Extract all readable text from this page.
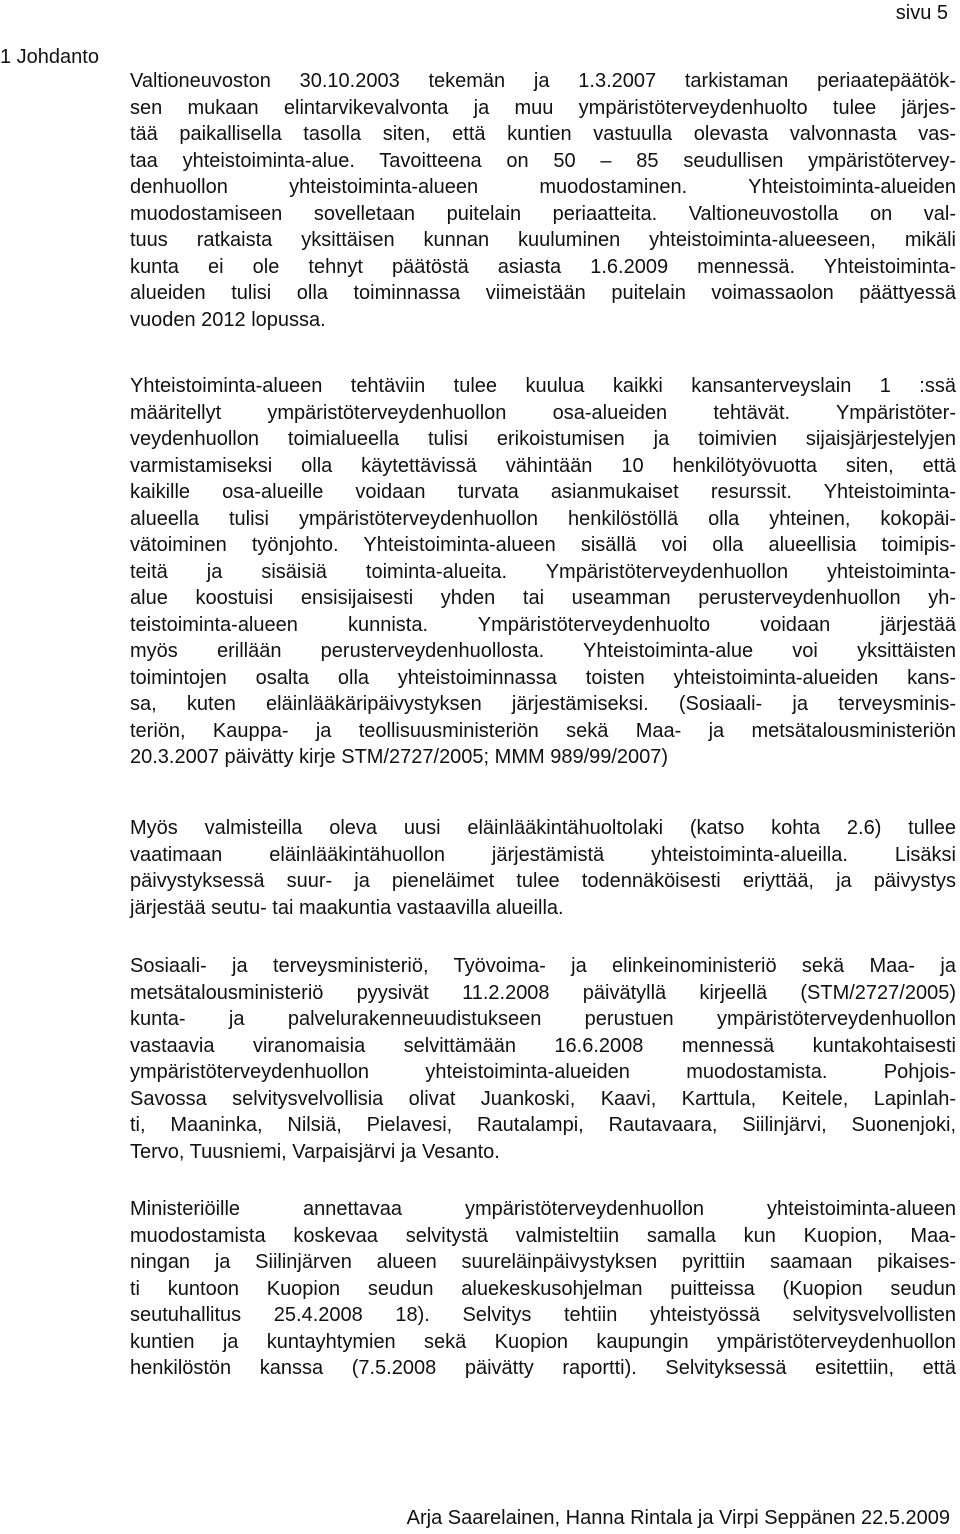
sivu 5
1 Johdanto
Valtioneuvoston 30.10.2003 tekemän ja 1.3.2007 tarkistaman periaatepäätök-
sen mukaan elintarvikevalvonta ja muu ympäristöterveydenhuolto tulee järjes-
tää paikallisella tasolla siten, että kuntien vastuulla olevasta valvonnasta vas-
taa yhteistoiminta-alue. Tavoitteena on 50 – 85 seudullisen ympäristötervey-
denhuollon yhteistoiminta-alueen muodostaminen. Yhteistoiminta-alueiden
muodostamiseen sovelletaan puitelain periaatteita. Valtioneuvostolla on val-
tuus ratkaista yksittäisen kunnan kuuluminen yhteistoiminta-alueeseen, mikäli
kunta ei ole tehnyt päätöstä asiasta 1.6.2009 mennessä. Yhteistoiminta-
alueiden tulisi olla toiminnassa viimeistään puitelain voimassaolon päättyessä
vuoden 2012 lopussa.
Yhteistoiminta-alueen tehtäviin tulee kuulua kaikki kansanterveyslain 1 :ssä
määritellyt ympäristöterveydenhuollon osa-alueiden tehtävät. Ympäristöter-
veydenhuollon toimialueella tulisi erikoistumisen ja toimivien sijaisjärjestelyjen
varmistamiseksi olla käytettävissä vähintään 10 henkilötyövuotta siten, että
kaikille osa-alueille voidaan turvata asianmukaiset resurssit. Yhteistoiminta-
alueella tulisi ympäristöterveydenhuollon henkilöstöllä olla yhteinen, kokopäi-
vätoiminen työnjohto. Yhteistoiminta-alueen sisällä voi olla alueellisia toimipis-
teitä ja sisäisiä toiminta-alueita. Ympäristöterveydenhuollon yhteistoiminta-
alue koostuisi ensisijaisesti yhden tai useamman perusterveydenhuollon yh-
teistoiminta-alueen kunnista. Ympäristöterveydenhuolto voidaan järjestää
myös erillään perusterveydenhuollosta. Yhteistoiminta-alue voi yksittäisten
toimintojen osalta olla yhteistoiminnassa toisten yhteistoiminta-alueiden kans-
sa, kuten eläinlääkäripäivystyksen järjestämiseksi. (Sosiaali- ja terveysminis-
teriön, Kauppa- ja teollisuusministeriön sekä Maa- ja metsätalousministeriön
20.3.2007 päivätty kirje STM/2727/2005; MMM 989/99/2007)
Myös valmisteilla oleva uusi eläinlääkintähuoltolaki (katso kohta 2.6) tullee
vaatimaan eläinlääkintähuollon järjestämistä yhteistoiminta-alueilla. Lisäksi
päivystyksessä suur- ja pieneläimet tulee todennäköisesti eriyttää, ja päivystys
järjestää seutu- tai maakuntia vastaavilla alueilla.
Sosiaali- ja terveysministeriö, Työvoima- ja elinkeinoministeriö sekä Maa- ja
metsätalousministeriö pyysivät 11.2.2008 päivätyllä kirjeellä (STM/2727/2005)
kunta- ja palvelurakenneuudistukseen perustuen ympäristöterveydenhuollon
vastaavia viranomaisia selvittämään 16.6.2008 mennessä kuntakohtaisesti
ympäristöterveydenhuollon yhteistoiminta-alueiden muodostamista. Pohjois-
Savossa selvitysvelvollisia olivat Juankoski, Kaavi, Karttula, Keitele, Lapinlah-
ti, Maaninka, Nilsiä, Pielavesi, Rautalampi, Rautavaara, Siilinjärvi, Suonenjoki,
Tervo, Tuusniemi, Varpaisjärvi ja Vesanto.
Ministeriöille annettavaa ympäristöterveydenhuollon yhteistoiminta-alueen
muodostamista koskevaa selvitystä valmisteltiin samalla kun Kuopion, Maa-
ningan ja Siilinjärven alueen suureläinpäivystyksen pyrittiin saamaan pikaises-
ti kuntoon Kuopion seudun aluekeskusohjelman puitteissa (Kuopion seudun
seutuhallitus 25.4.2008 18). Selvitys tehtiin yhteistyössä selvitysvelvollisten
kuntien ja kuntayhtymien sekä Kuopion kaupungin ympäristöterveydenhuollon
henkilöstön kanssa (7.5.2008 päivätty raportti). Selvityksessä esitettiin, että
Arja Saarelainen, Hanna Rintala ja Virpi Seppänen 22.5.2009
